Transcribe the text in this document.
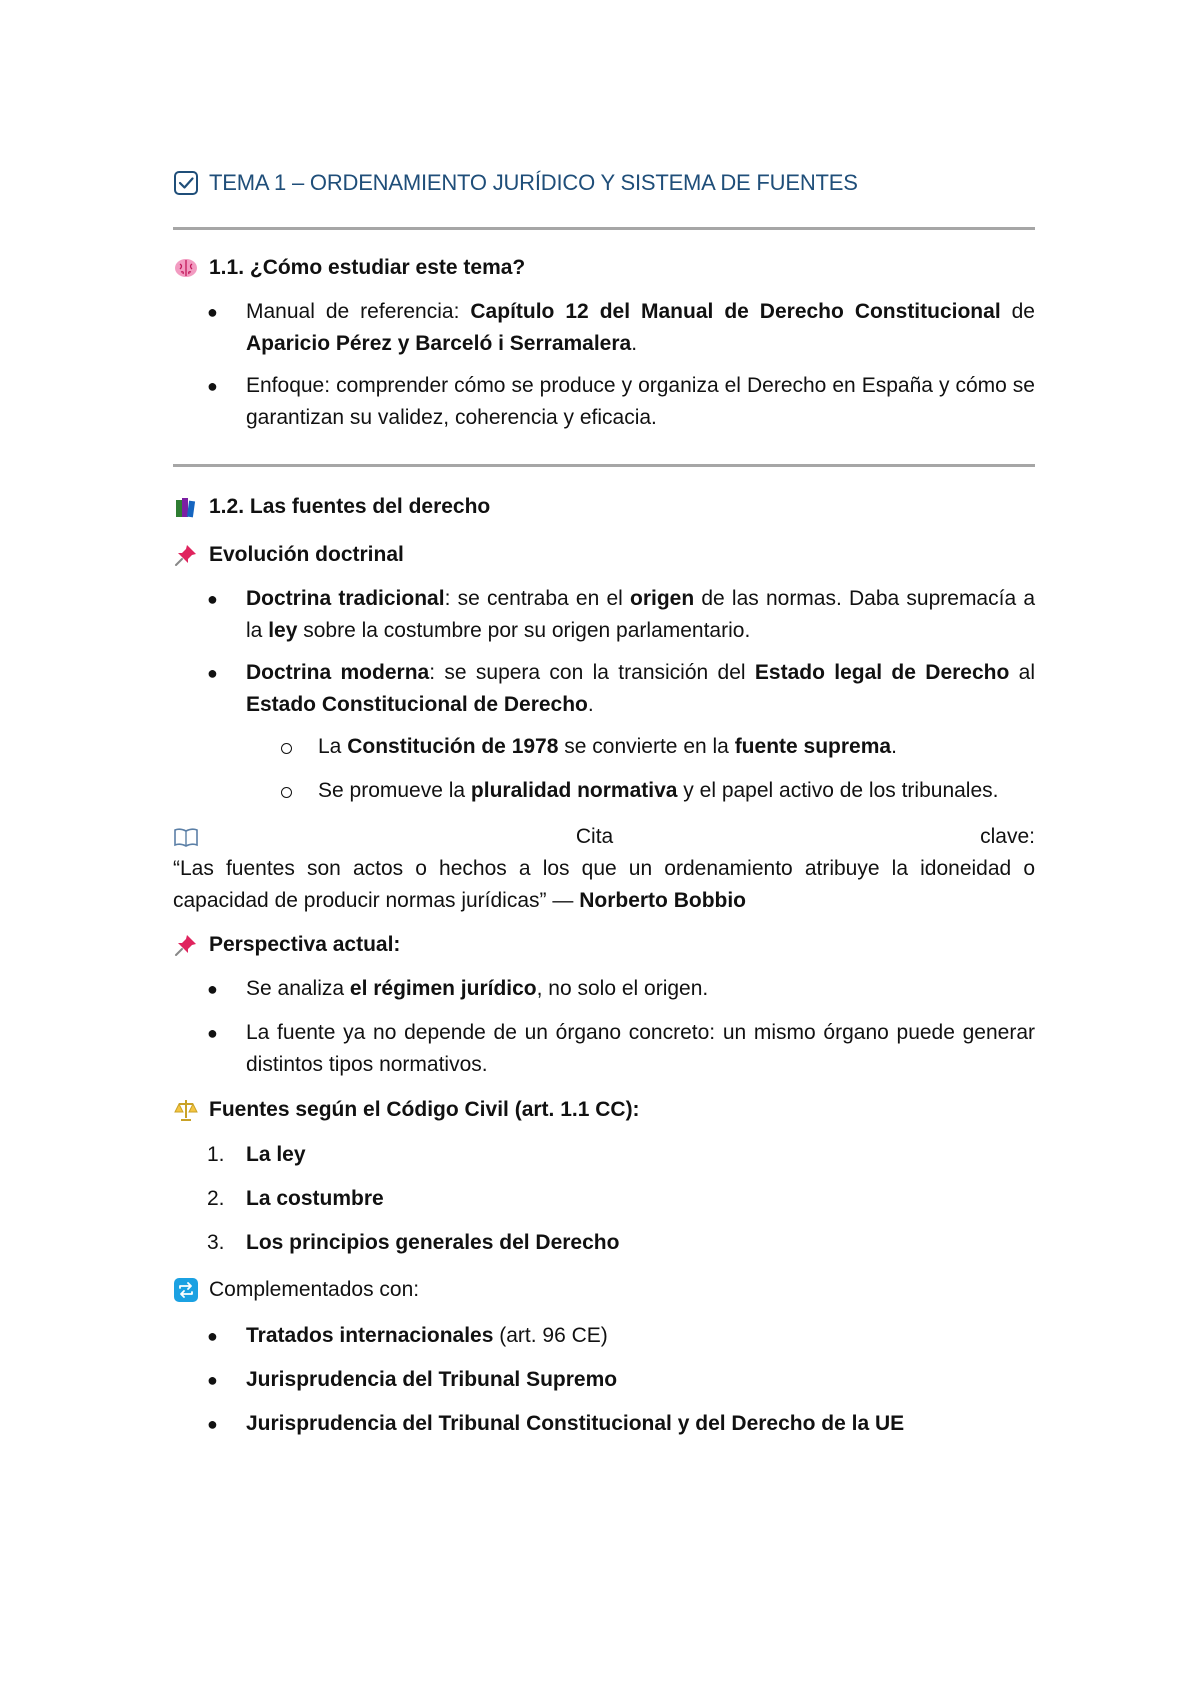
TEMA 1 – ORDENAMIENTO JURÍDICO Y SISTEMA DE FUENTES
1.1. ¿Cómo estudiar este tema?
● Manual de referencia: Capítulo 12 del Manual de Derecho Constitucional de Aparicio Pérez y Barceló i Serramalera.
● Enfoque: comprender cómo se produce y organiza el Derecho en España y cómo se garantizan su validez, coherencia y eficacia.
1.2. Las fuentes del derecho
Evolución doctrinal
● Doctrina tradicional: se centraba en el origen de las normas. Daba supremacía a la ley sobre la costumbre por su origen parlamentario.
● Doctrina moderna: se supera con la transición del Estado legal de Derecho al Estado Constitucional de Derecho.
La Constitución de 1978 se convierte en la fuente suprema.
Se promueve la pluralidad normativa y el papel activo de los tribunales.
Cita	clave:
“Las fuentes son actos o hechos a los que un ordenamiento atribuye la idoneidad o capacidad de producir normas jurídicas” — Norberto Bobbio
Perspectiva actual:
● Se analiza el régimen jurídico, no solo el origen.
● La fuente ya no depende de un órgano concreto: un mismo órgano puede generar distintos tipos normativos.
Fuentes según el Código Civil (art. 1.1 CC):
1.	La ley
2.	La costumbre
3.	Los principios generales del Derecho
Complementados con:
● Tratados internacionales (art. 96 CE)
● Jurisprudencia del Tribunal Supremo
● Jurisprudencia del Tribunal Constitucional y del Derecho de la UE
